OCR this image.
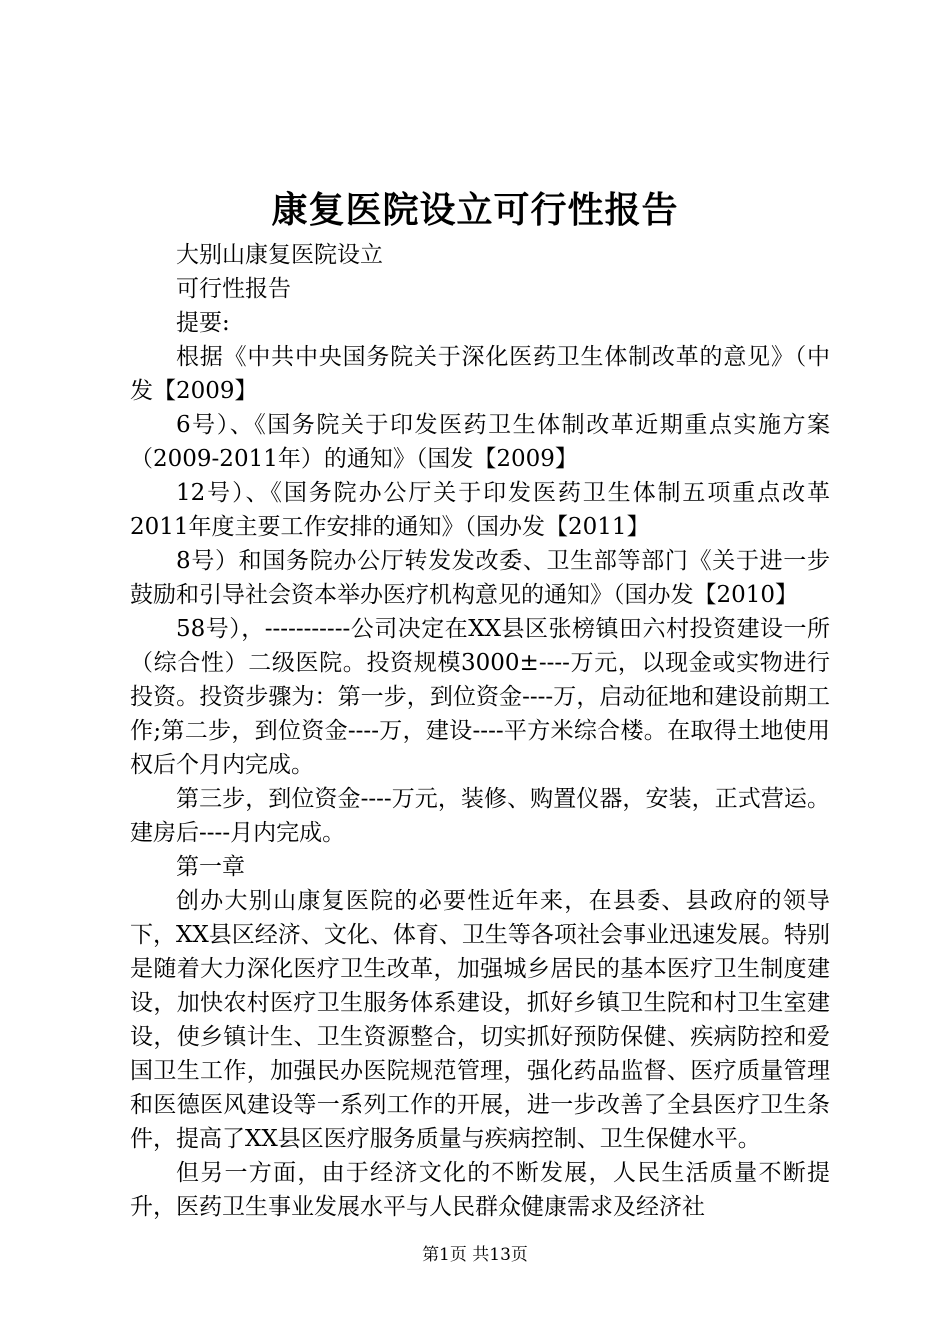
康复医院设立可行性报告

大别山康复医院设立

可行性报告

提要:

根据《中共中央国务院关于深化医药卫生体制改革的意见》（中发【2009】

6号）、《国务院关于印发医药卫生体制改革近期重点实施方案（2009-2011年）的通知》（国发【2009】

12号）、《国务院办公厅关于印发医药卫生体制五项重点改革2011年度主要工作安排的通知》（国办发【2011】

8号）和国务院办公厅转发发改委、卫生部等部门《关于进一步鼓励和引导社会资本举办医疗机构意见的通知》（国办发【2010】

58号），-----------公司决定在XX县区张榜镇田六村投资建设一所（综合性）二级医院。投资规模3000±----万元，以现金或实物进行投资。投资步骤为：第一步，到位资金----万，启动征地和建设前期工作;第二步，到位资金----万，建设----平方米综合楼。在取得土地使用权后个月内完成。

第三步，到位资金----万元，装修、购置仪器，安装，正式营运。建房后----月内完成。

第一章

创办大别山康复医院的必要性近年来，在县委、县政府的领导下，XX县区经济、文化、体育、卫生等各项社会事业迅速发展。特别是随着大力深化医疗卫生改革，加强城乡居民的基本医疗卫生制度建设，加快农村医疗卫生服务体系建设，抓好乡镇卫生院和村卫生室建设，使乡镇计生、卫生资源整合，切实抓好预防保健、疾病防控和爱国卫生工作，加强民办医院规范管理，强化药品监督、医疗质量管理和医德医风建设等一系列工作的开展，进一步改善了全县医疗卫生条件，提高了XX县区医疗服务质量与疾病控制、卫生保健水平。

但另一方面，由于经济文化的不断发展，人民生活质量不断提升，医药卫生事业发展水平与人民群众健康需求及经济社

第1页 共13页
